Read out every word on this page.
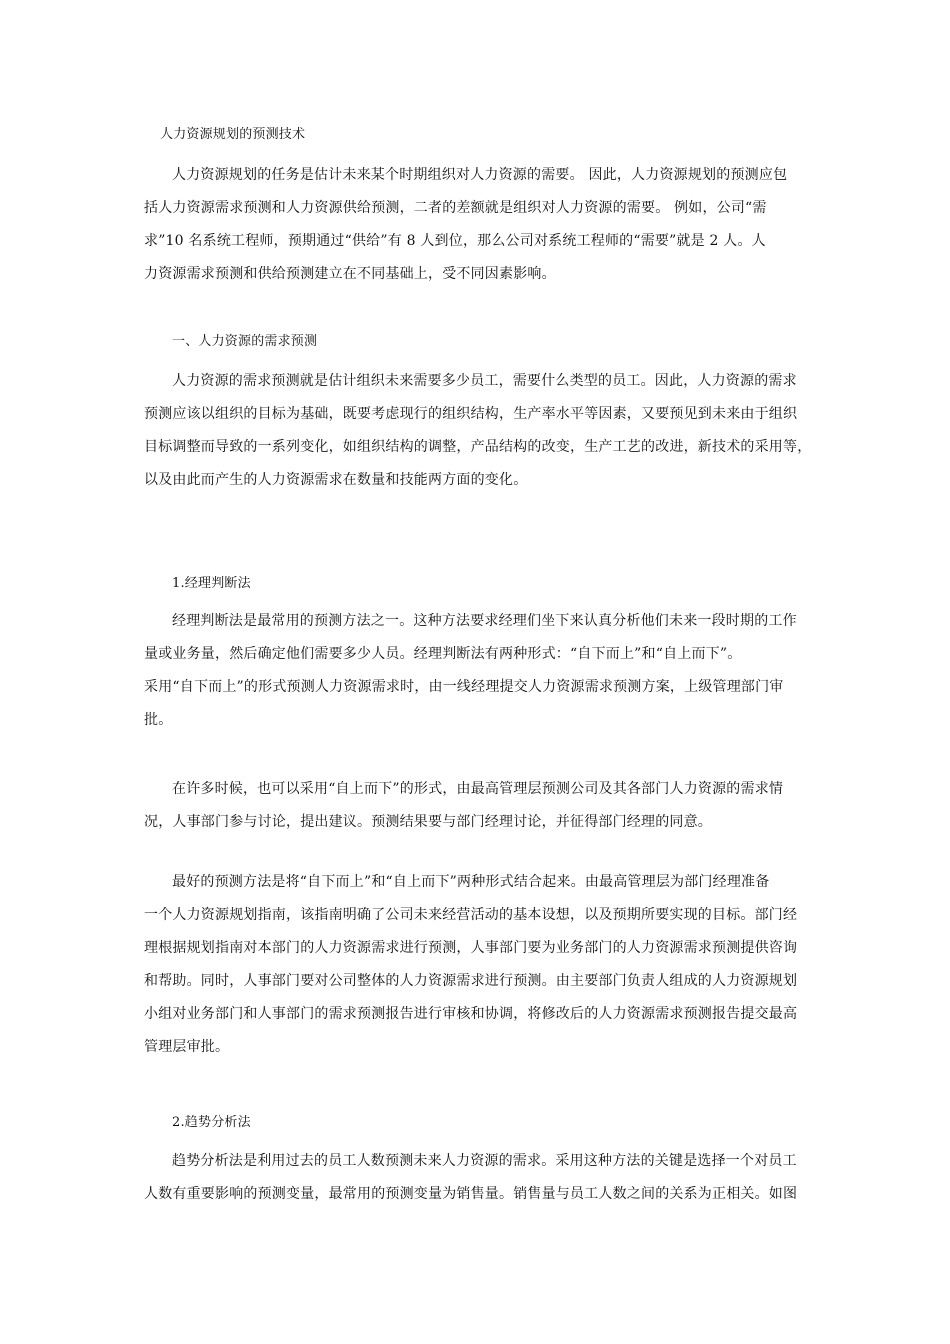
人力资源规划的预测技术
人力资源规划的任务是估计未来某个时期组织对人力资源的需要。 因此，人力资源规划的预测应包
括人力资源需求预测和人力资源供给预测，二者的差额就是组织对人力资源的需要。 例如，公司“需
求”10 名系统工程师，预期通过“供给”有 8 人到位，那么公司对系统工程师的“需要”就是 2 人。人
力资源需求预测和供给预测建立在不同基础上，受不同因素影响。
一、人力资源的需求预测
人力资源的需求预测就是估计组织未来需要多少员工，需要什么类型的员工。因此，人力资源的需求
预测应该以组织的目标为基础，既要考虑现行的组织结构，生产率水平等因素，又要预见到未来由于组织
目标调整而导致的一系列变化，如组织结构的调整，产品结构的改变，生产工艺的改进，新技术的采用等，
以及由此而产生的人力资源需求在数量和技能两方面的变化。
1.经理判断法
经理判断法是最常用的预测方法之一。这种方法要求经理们坐下来认真分析他们未来一段时期的工作
量或业务量，然后确定他们需要多少人员。经理判断法有两种形式：“自下而上”和“自上而下”。
采用“自下而上”的形式预测人力资源需求时，由一线经理提交人力资源需求预测方案，上级管理部门审
批。
在许多时候，也可以采用“自上而下”的形式，由最高管理层预测公司及其各部门人力资源的需求情
况，人事部门参与讨论，提出建议。预测结果要与部门经理讨论，并征得部门经理的同意。
最好的预测方法是将“自下而上”和“自上而下”两种形式结合起来。由最高管理层为部门经理准备
一个人力资源规划指南，该指南明确了公司未来经营活动的基本设想，以及预期所要实现的目标。部门经
理根据规划指南对本部门的人力资源需求进行预测，人事部门要为业务部门的人力资源需求预测提供咨询
和帮助。同时，人事部门要对公司整体的人力资源需求进行预测。由主要部门负责人组成的人力资源规划
小组对业务部门和人事部门的需求预测报告进行审核和协调，将修改后的人力资源需求预测报告提交最高
管理层审批。
2.趋势分析法
趋势分析法是利用过去的员工人数预测未来人力资源的需求。采用这种方法的关键是选择一个对员工
人数有重要影响的预测变量，最常用的预测变量为销售量。销售量与员工人数之间的关系为正相关。如图
